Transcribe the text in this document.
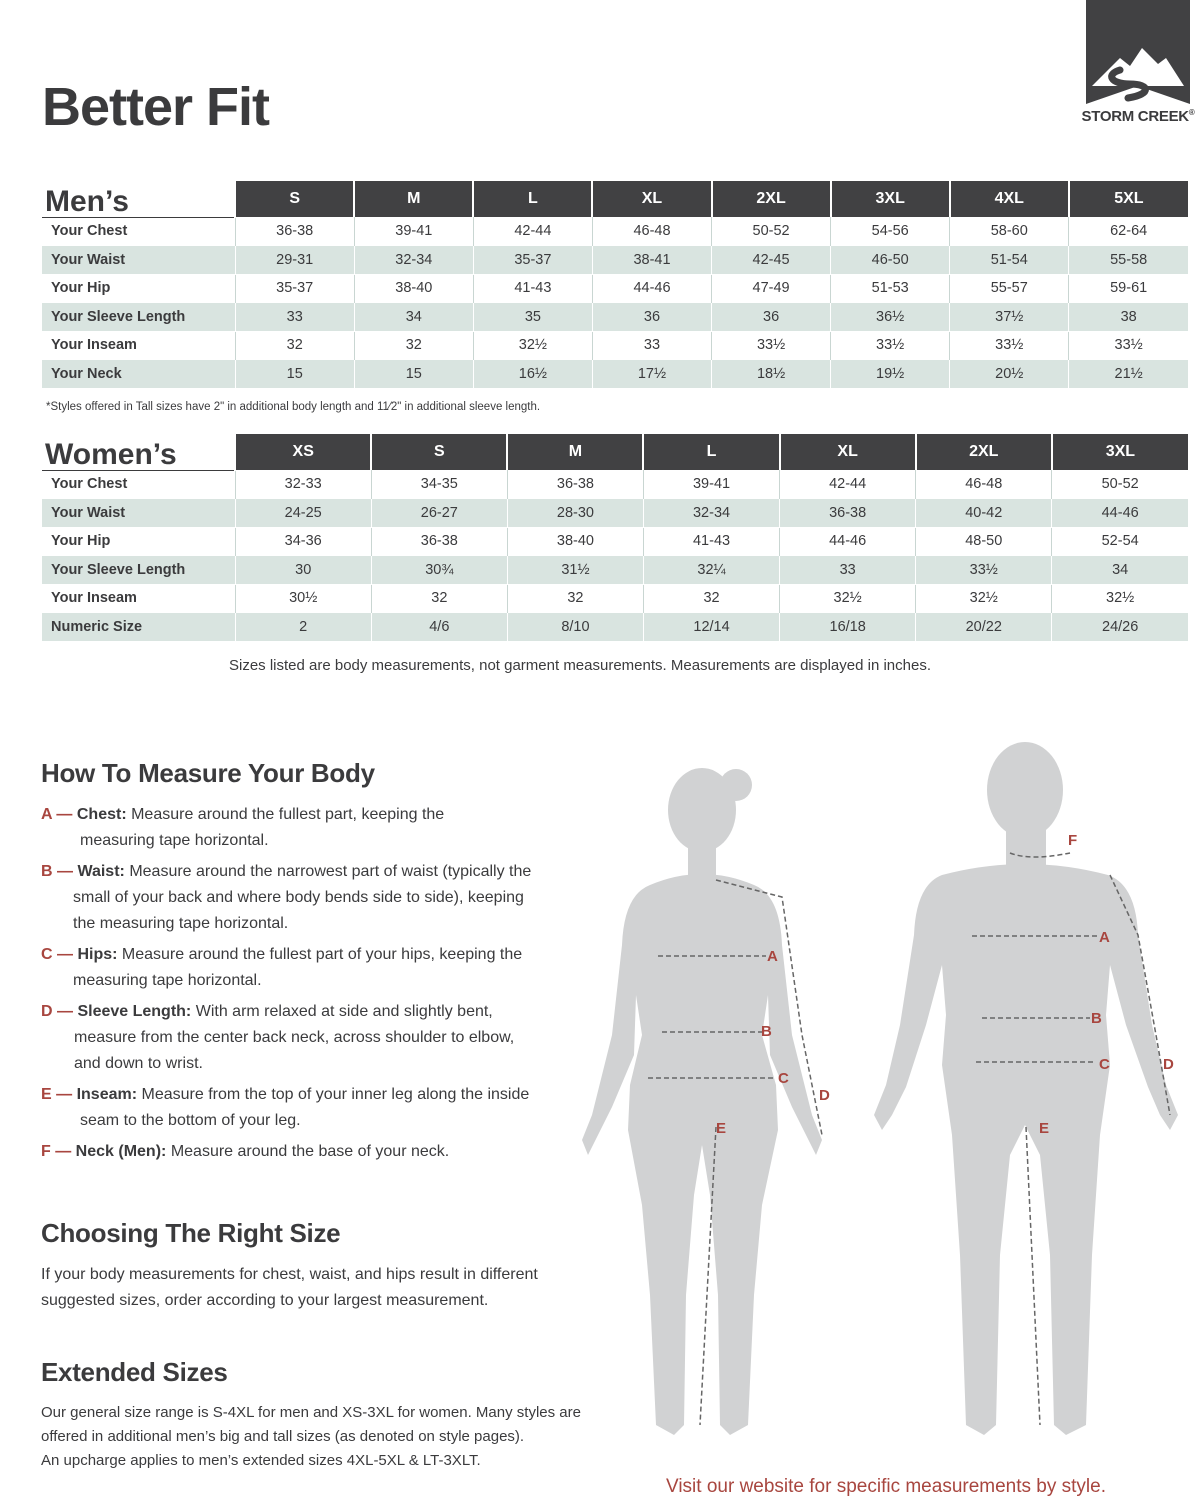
STORM CREEK®
Better Fit
Men’s	S	M	L	XL	2XL	3XL	4XL	5XL
Your Chest	36-38	39-41	42-44	46-48	50-52	54-56	58-60	62-64
Your Waist	29-31	32-34	35-37	38-41	42-45	46-50	51-54	55-58
Your Hip	35-37	38-40	41-43	44-46	47-49	51-53	55-57	59-61
Your Sleeve Length	33	34	35	36	36	36½	37½	38
Your Inseam	32	32	32½	33	33½	33½	33½	33½
Your Neck	15	15	16½	17½	18½	19½	20½	21½
*Styles offered in Tall sizes have 2" in additional body length and 11⁄2" in additional sleeve length.
Women’s	XS	S	M	L	XL	2XL	3XL
Your Chest	32-33	34-35	36-38	39-41	42-44	46-48	50-52
Your Waist	24-25	26-27	28-30	32-34	36-38	40-42	44-46
Your Hip	34-36	36-38	38-40	41-43	44-46	48-50	52-54
Your Sleeve Length	30	30¾	31½	32¼	33	33½	34
Your Inseam	30½	32	32	32	32½	32½	32½
Numeric Size	2	4/6	8/10	12/14	16/18	20/22	24/26
Sizes listed are body measurements, not garment measurements. Measurements are displayed in inches.
How To Measure Your Body
A — Chest: Measure around the fullest part, keeping the
measuring tape horizontal.
B — Waist: Measure around the narrowest part of waist (typically the
small of your back and where body bends side to side), keeping
the measuring tape horizontal.
C — Hips: Measure around the fullest part of your hips, keeping the
measuring tape horizontal.
D — Sleeve Length: With arm relaxed at side and slightly bent,
measure from the center back neck, across shoulder to elbow,
and down to wrist.
E — Inseam: Measure from the top of your inner leg along the inside
seam to the bottom of your leg.
F — Neck (Men): Measure around the base of your neck.
Choosing The Right Size
If your body measurements for chest, waist, and hips result in different
suggested sizes, order according to your largest measurement.
Extended Sizes
Our general size range is S-4XL for men and XS-3XL for women. Many styles are
offered in additional men’s big and tall sizes (as denoted on style pages).
An upcharge applies to men’s extended sizes 4XL-5XL & LT-3XLT.
A
B
C
D
E
F
A
B
C	D
E
Visit our website for specific measurements by style.
